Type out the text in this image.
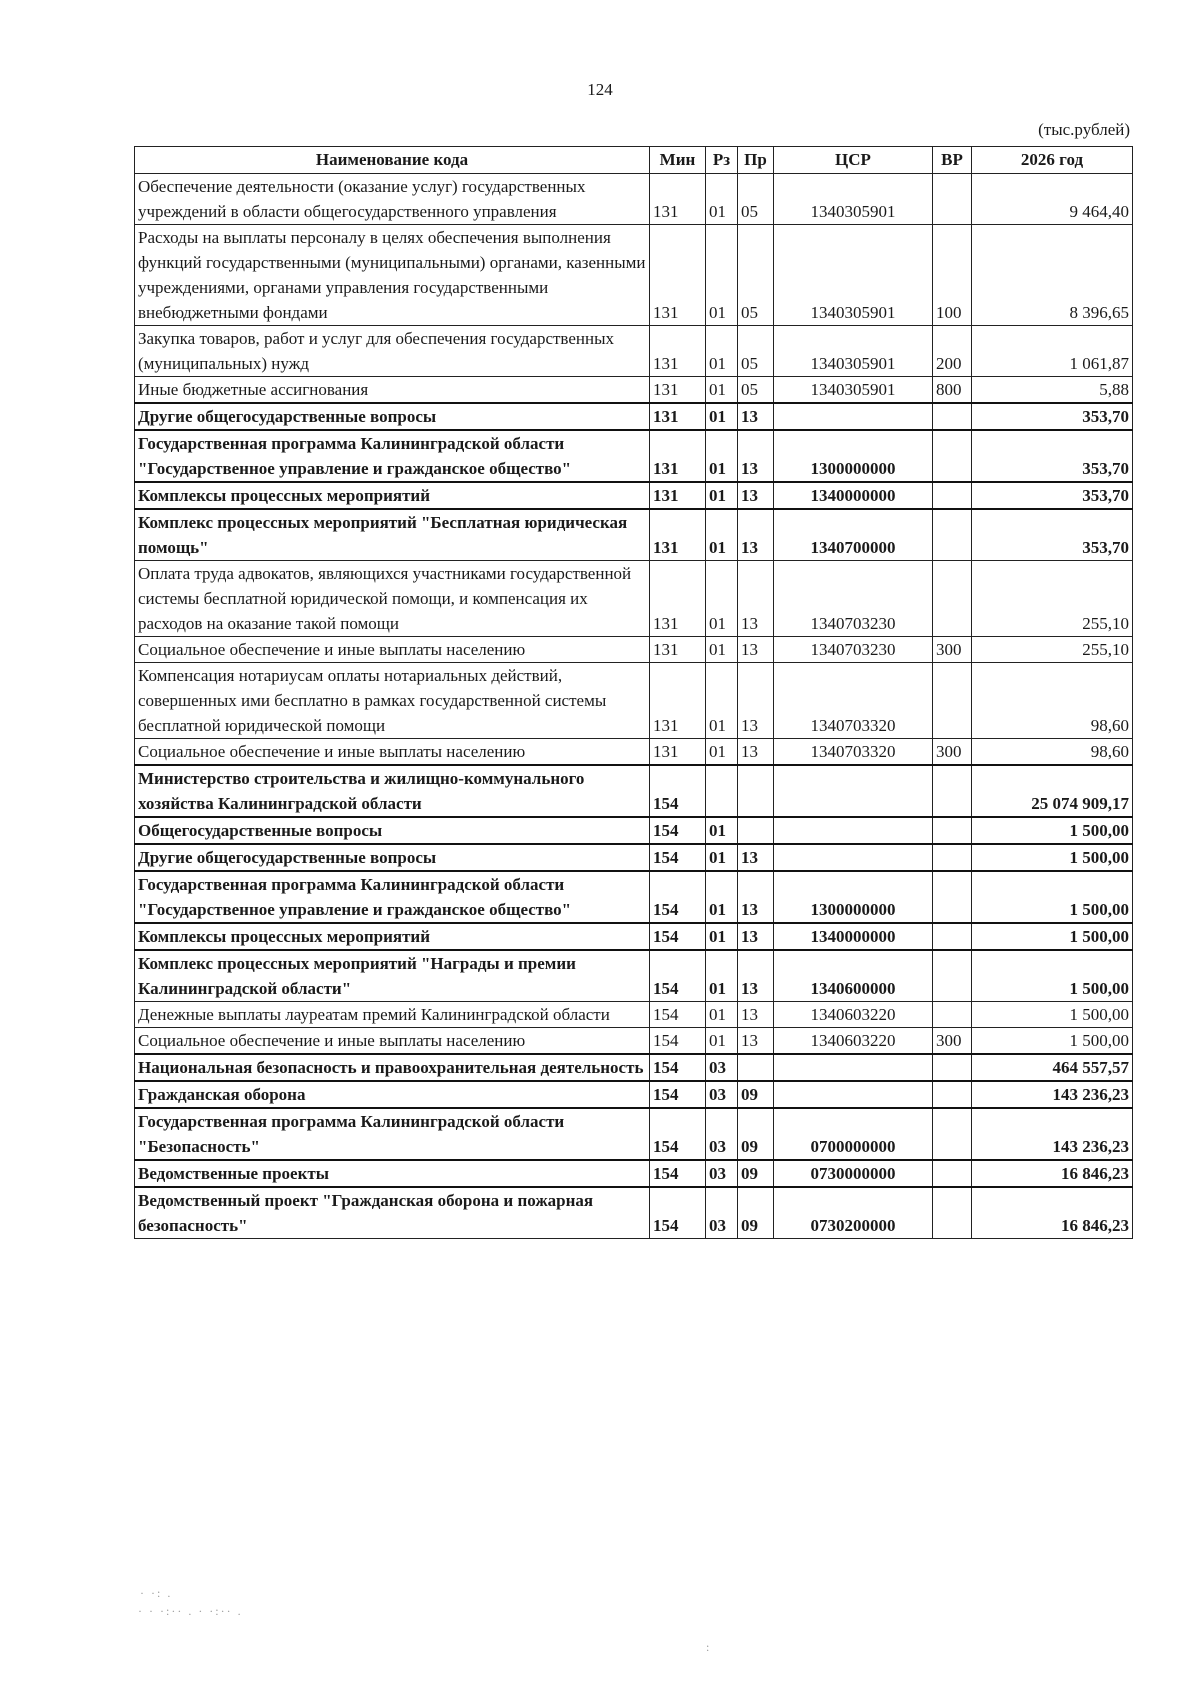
124
(тыс.рублей)
Наименование кода	Мин	Рз	Пр	ЦСР	ВР	2026 год
Обеспечение деятельности (оказание услуг) государственных учреждений в области общегосударственного управления	131	01	05	1340305901		9 464,40
Расходы на выплаты персоналу в целях обеспечения выполнения функций государственными (муниципальными) органами, казенными учреждениями, органами управления государственными внебюджетными фондами	131	01	05	1340305901	100	8 396,65
Закупка товаров, работ и услуг для обеспечения государственных (муниципальных) нужд	131	01	05	1340305901	200	1 061,87
Иные бюджетные ассигнования	131	01	05	1340305901	800	5,88
Другие общегосударственные вопросы	131	01	13			353,70
Государственная программа Калининградской области "Государственное управление и гражданское общество"	131	01	13	1300000000		353,70
Комплексы процессных мероприятий	131	01	13	1340000000		353,70
Комплекс процессных мероприятий "Бесплатная юридическая помощь"	131	01	13	1340700000		353,70
Оплата труда адвокатов, являющихся участниками государственной системы бесплатной юридической помощи, и компенсация их расходов на оказание такой помощи	131	01	13	1340703230		255,10
Социальное обеспечение и иные выплаты населению	131	01	13	1340703230	300	255,10
Компенсация нотариусам оплаты нотариальных действий, совершенных ими бесплатно в рамках государственной системы бесплатной юридической помощи	131	01	13	1340703320		98,60
Социальное обеспечение и иные выплаты населению	131	01	13	1340703320	300	98,60
Министерство строительства и жилищно-коммунального хозяйства Калининградской области	154					25 074 909,17
Общегосударственные вопросы	154	01				1 500,00
Другие общегосударственные вопросы	154	01	13			1 500,00
Государственная программа Калининградской области "Государственное управление и гражданское общество"	154	01	13	1300000000		1 500,00
Комплексы процессных мероприятий	154	01	13	1340000000		1 500,00
Комплекс процессных мероприятий "Награды и премии Калининградской области"	154	01	13	1340600000		1 500,00
Денежные выплаты лауреатам премий Калининградской области	154	01	13	1340603220		1 500,00
Социальное обеспечение и иные выплаты населению	154	01	13	1340603220	300	1 500,00
Национальная безопасность и правоохранительная деятельность	154	03				464 557,57
Гражданская оборона	154	03	09			143 236,23
Государственная программа Калининградской области "Безопасность"	154	03	09	0700000000		143 236,23
Ведомственные проекты	154	03	09	0730000000		16 846,23
Ведомственный проект "Гражданская оборона и пожарная безопасность"	154	03	09	0730200000		16 846,23
· ·: .
· · ·:·· . · ·:·· .
:
